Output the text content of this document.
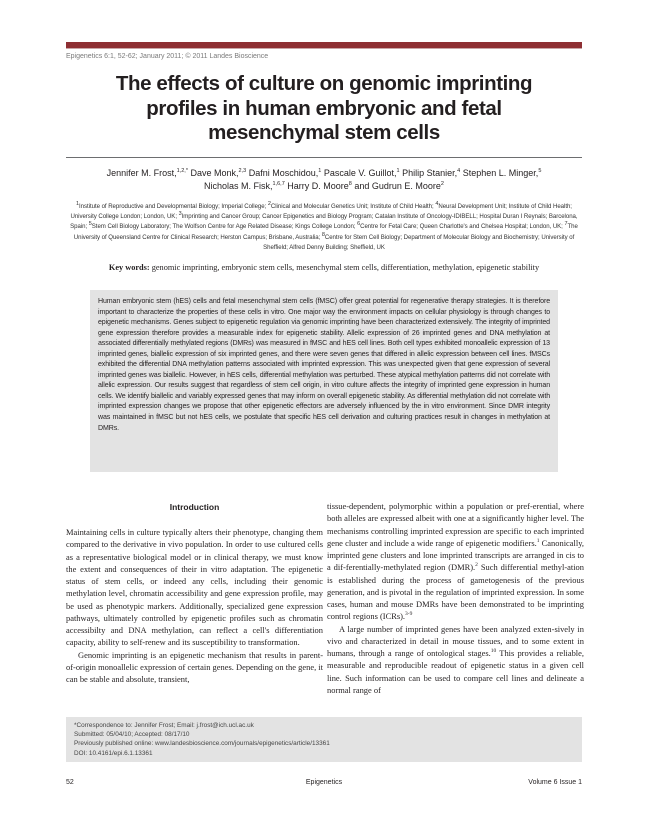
Epigenetics 6:1, 52-62; January 2011; © 2011 Landes Bioscience
The effects of culture on genomic imprinting
profiles in human embryonic and fetal
mesenchymal stem cells
Jennifer M. Frost,$^{1,2,*}$ Dave Monk,$^{2,3}$ Dafni Moschidou,$^1$ Pascale V. Guillot,$^1$ Philip Stanier,$^4$ Stephen L. Minger,$^5$
Nicholas M. Fisk,$^{1,6,7}$ Harry D. Moore$^8$ and Gudrun E. Moore$^2$
$^1$Institute of Reproductive and Developmental Biology; Imperial College; $^2$Clinical and Molecular Genetics Unit; Institute of Child Health; $^4$Neural Development Unit; Institute of Child Health; University College London; London, UK; $^3$Imprinting and Cancer Group; Cancer Epigenetics and Biology Program; Catalan Institute of Oncology-IDIBELL; Hospital Duran I Reynals; Barcelona, Spain; $^5$Stem Cell Biology Laboratory; The Wolfson Centre for Age Related Disease; Kings College London; $^6$Centre for Fetal Care; Queen Charlotte's and Chelsea Hospital; London, UK; $^7$The University of Queensland Centre for Clinical Research; Herston Campus; Brisbane, Australia; $^8$Centre for Stem Cell Biology; Department of Molecular Biology and Biochemistry; University of Sheffield; Alfred Denny Building; Sheffield, UK
Key words: genomic imprinting, embryonic stem cells, mesenchymal stem cells, differentiation, methylation, epigenetic stability
Human embryonic stem (hES) cells and fetal mesenchymal stem cells (fMSC) offer great potential for regenerative therapy strategies. It is therefore important to characterize the properties of these cells in vitro. One major way the environment impacts on cellular physiology is through changes to epigenetic mechanisms. Genes subject to epigenetic regulation via genomic imprinting have been characterized extensively. The integrity of imprinted gene expression therefore provides a measurable index for epigenetic stability. Allelic expression of 26 imprinted genes and DNA methylation at associated differentially methylated regions (DMRs) was measured in fMSC and hES cell lines. Both cell types exhibited monoallelic expression of 13 imprinted genes, biallelic expression of six imprinted genes, and there were seven genes that differed in allelic expression between cell lines. fMSCs exhibited the differential DNA methylation patterns associated with imprinted expression. This was unexpected given that gene expression of several imprinted genes was biallelic. However, in hES cells, differential methylation was perturbed. These atypical methylation patterns did not correlate with allelic expression. Our results suggest that regardless of stem cell origin, in vitro culture affects the integrity of imprinted gene expression in human cells. We identify biallelic and variably expressed genes that may inform on overall epigenetic stability. As differential methylation did not correlate with imprinted expression changes we propose that other epigenetic effectors are adversely influenced by the in vitro environment. Since DMR integrity was maintained in fMSC but not hES cells, we postulate that specific hES cell derivation and culturing practices result in changes in methylation at DMRs.
Introduction

Maintaining cells in culture typically alters their phenotype, changing them compared to the derivative in vivo population. In order to use cultured cells as a representative biological model or in clinical therapy, we must know the extent and consequences of their in vitro adaptation. The epigenetic status of stem cells, or indeed any cells, including their genomic methylation level, chromatin accessibility and gene expression profile, may be used as phenotypic markers. Additionally, specialized gene expression pathways, ultimately controlled by epigenetic profiles such as chromatin accessibilty and DNA methylation, can reflect a cell's differentiation capacity, ability to self-renew and its susceptibility to transformation.

Genomic imprinting is an epigenetic mechanism that results in parent-of-origin monoallelic expression of certain genes. Depending on the gene, it can be stable and absolute, transient,

tissue-dependent, polymorphic within a population or pref-erential, where both alleles are expressed albeit with one at a significantly higher level. The mechanisms controlling imprinted expression are specific to each imprinted gene cluster and include a wide range of epigenetic modifiers.$^1$ Canonically, imprinted gene clusters and lone imprinted transcripts are arranged in cis to a dif-ferentially-methylated region (DMR).$^2$ Such differential methyl-ation is established during the process of gametogenesis of the previous generation, and is pivotal in the regulation of imprinted expression. In some cases, human and mouse DMRs have been demonstrated to be imprinting control regions (ICRs).$^{3-9}$

A large number of imprinted genes have been analyzed exten-sively in vivo and characterized in detail in mouse tissues, and to some extent in humans, through a range of ontological stages.$^{10}$ This provides a reliable, measurable and reproducible readout of epigenetic status in a given cell line. Such information can be used to compare cell lines and delineate a normal range of

*Correspondence to: Jennifer Frost; Email: j.frost@ich.ucl.ac.uk
Submitted: 05/04/10; Accepted: 08/17/10
Previously published online: www.landesbioscience.com/journals/epigenetics/article/13361
DOI: 10.4161/epi.6.1.13361
52	Epigenetics	Volume 6 Issue 1
